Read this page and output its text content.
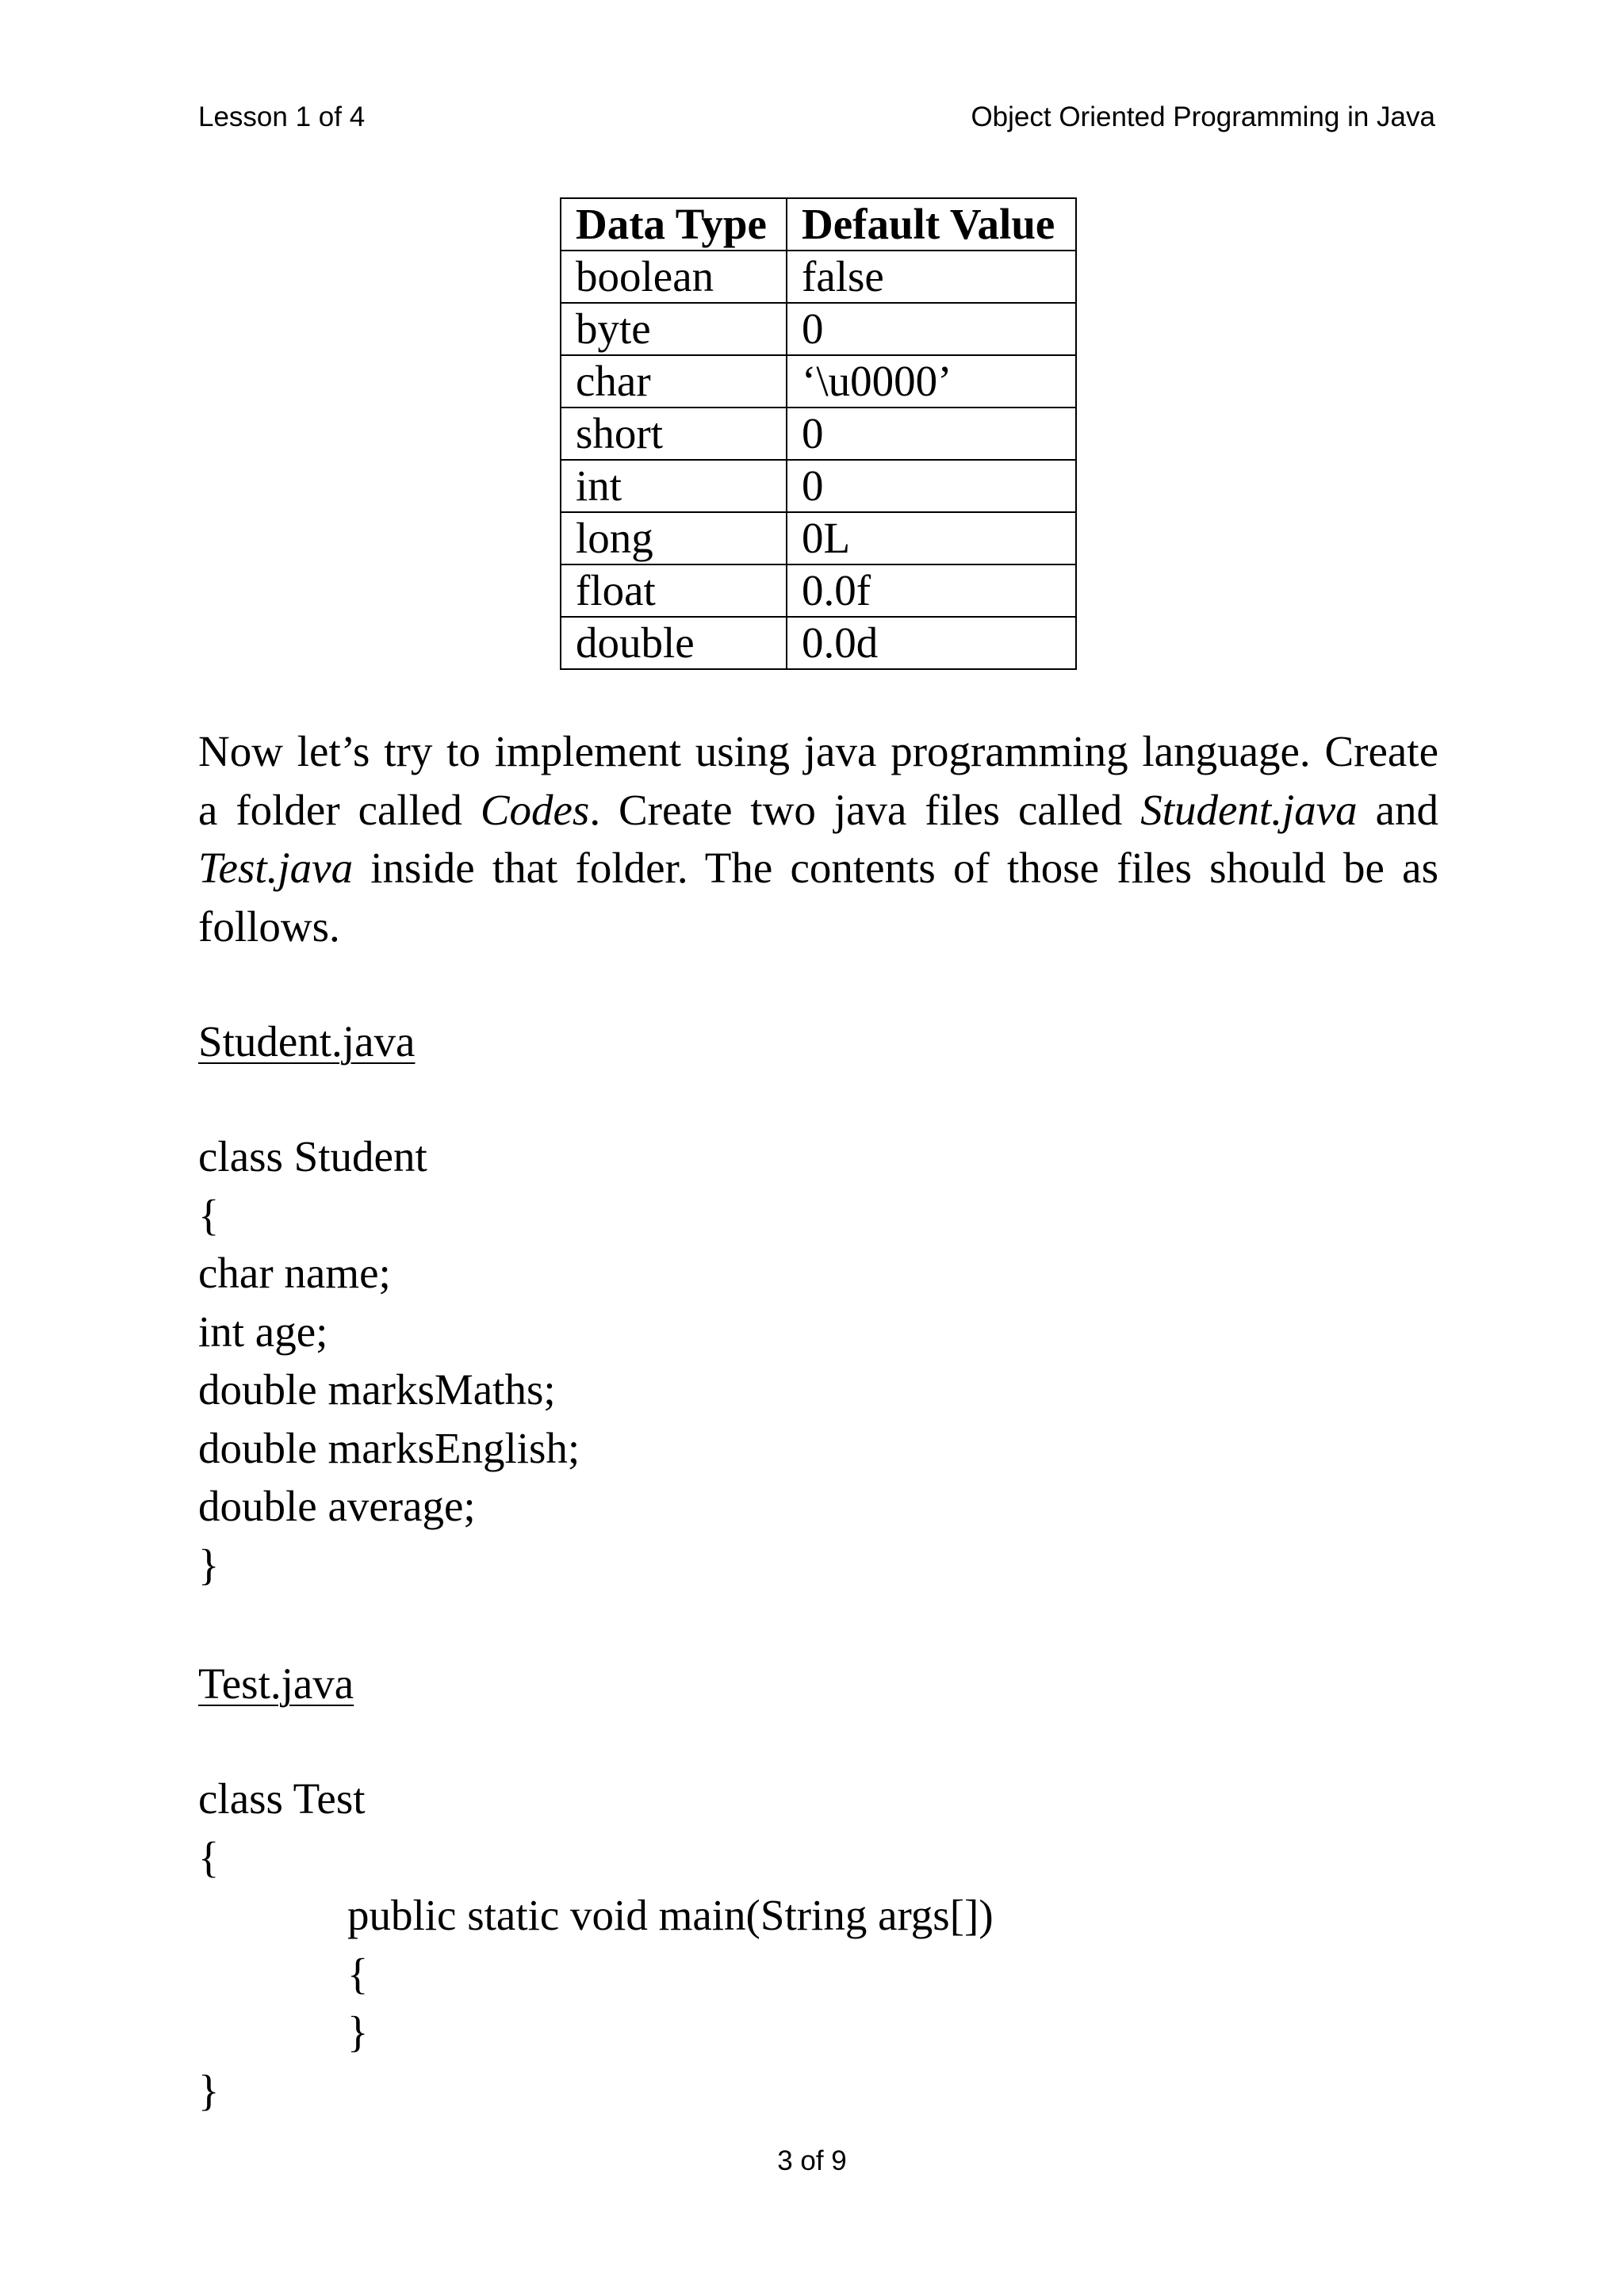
Lesson 1 of 4	Object Oriented Programming in Java
Data Type	Default Value
boolean	false
byte	0
char	‘\u0000’
short	0
int	0
long	0L
float	0.0f
double	0.0d

Now let’s try to implement using java programming language. Create a folder called Codes. Create two java files called Student.java and Test.java inside that folder. The contents of those files should be as follows.

Student.java
class Student
{
char name;
int age;
double marksMaths;
double marksEnglish;
double average;
}
Test.java
class Test
{
public static void main(String args[])
{
}
}
3 of 9
